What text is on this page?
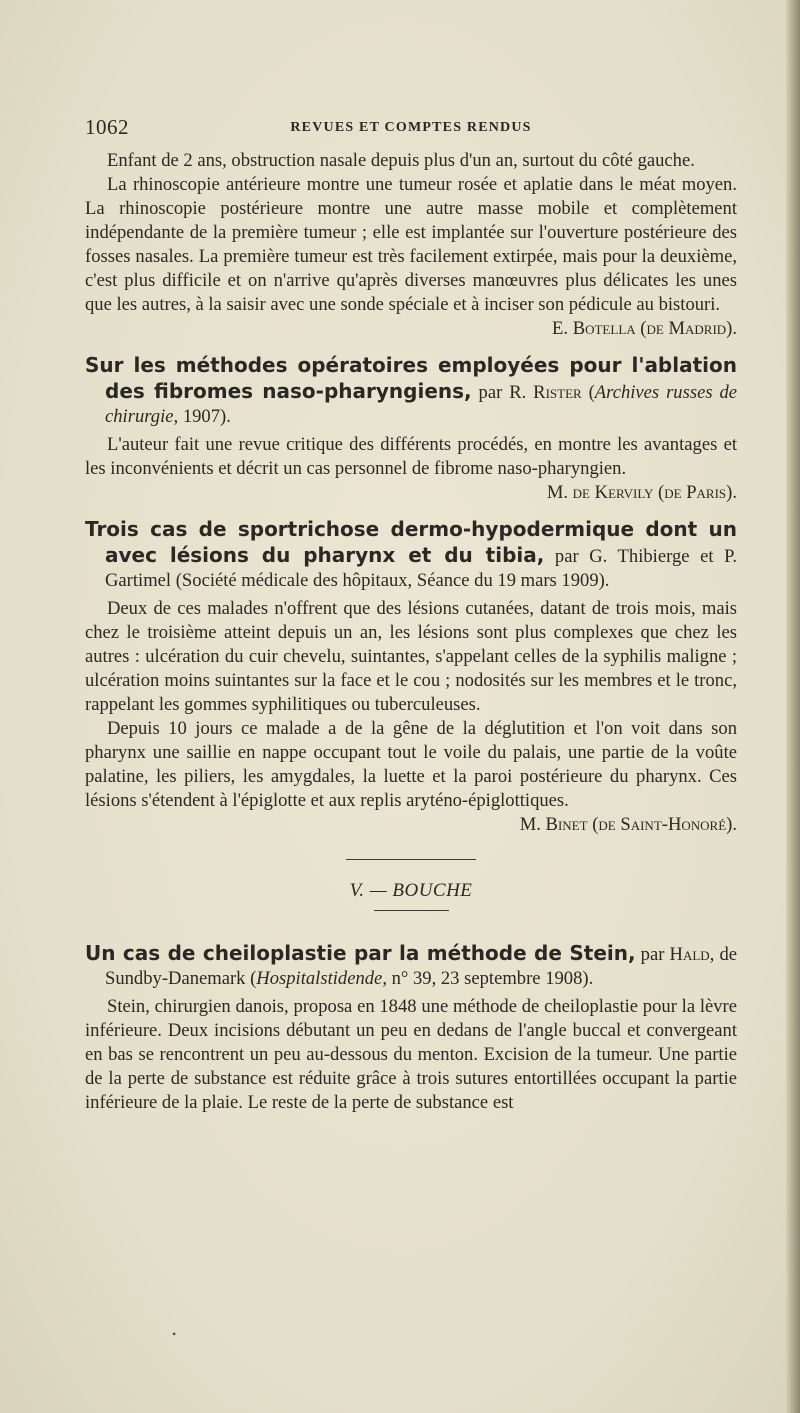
1062	REVUES ET COMPTES RENDUS

Enfant de 2 ans, obstruction nasale depuis plus d'un an, surtout du côté gauche.

La rhinoscopie antérieure montre une tumeur rosée et aplatie dans le méat moyen. La rhinoscopie postérieure montre une autre masse mobile et complètement indépendante de la première tumeur ; elle est implantée sur l'ouverture postérieure des fosses nasales. La première tumeur est très facilement extirpée, mais pour la deuxième, c'est plus difficile et on n'arrive qu'après diverses manœuvres plus délicates les unes que les autres, à la saisir avec une sonde spéciale et à inciser son pédicule au bistouri.

E. Botella (de Madrid).
Sur les méthodes opératoires employées pour l'ablation des fibromes naso-pharyngiens, par R. Rister (Archives russes de chirurgie, 1907).

L'auteur fait une revue critique des différents procédés, en montre les avantages et les inconvénients et décrit un cas personnel de fibrome naso-pharyngien.

M. de Kervily (de Paris).
Trois cas de sportrichose dermo-hypodermique dont un avec lésions du pharynx et du tibia, par G. Thibierge et P. Gartimel (Société médicale des hôpitaux, Séance du 19 mars 1909).

Deux de ces malades n'offrent que des lésions cutanées, datant de trois mois, mais chez le troisième atteint depuis un an, les lésions sont plus complexes que chez les autres : ulcération du cuir chevelu, suintantes, s'appelant celles de la syphilis maligne ; ulcération moins suintantes sur la face et le cou ; nodosités sur les membres et le tronc, rappelant les gommes syphilitiques ou tuberculeuses.

Depuis 10 jours ce malade a de la gêne de la déglutition et l'on voit dans son pharynx une saillie en nappe occupant tout le voile du palais, une partie de la voûte palatine, les piliers, les amygdales, la luette et la paroi postérieure du pharynx. Ces lésions s'étendent à l'épiglotte et aux replis aryténo-épiglottiques.

M. Binet (de Saint-Honoré).
V. — BOUCHE
Un cas de cheiloplastie par la méthode de Stein, par Hald, de Sundby-Danemark (Hospitalstidende, n° 39, 23 septembre 1908).

Stein, chirurgien danois, proposa en 1848 une méthode de cheiloplastie pour la lèvre inférieure. Deux incisions débutant un peu en dedans de l'angle buccal et convergeant en bas se rencontrent un peu au-dessous du menton. Excision de la tumeur. Une partie de la perte de substance est réduite grâce à trois sutures entortillées occupant la partie inférieure de la plaie. Le reste de la perte de substance est

•
